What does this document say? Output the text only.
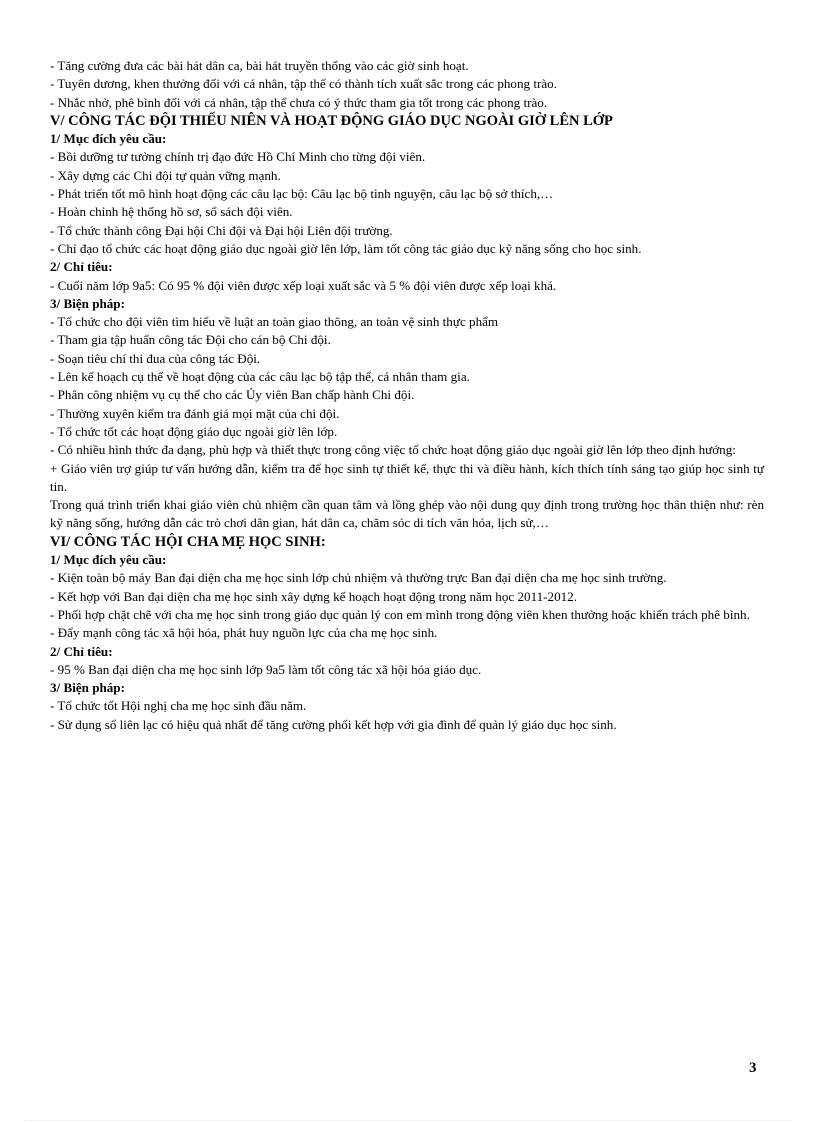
- Tăng cường đưa các bài hát dân ca, bài hát truyền thống vào các giờ sinh hoạt.
- Tuyên dương, khen thưởng đối với cá nhân, tập thể có thành tích xuất sắc trong các phong trào.
- Nhắc nhở, phê bình đối với cá nhân, tập thể chưa có ý thức tham gia tốt trong các phong trào.
V/ CÔNG TÁC ĐỘI THIẾU NIÊN VÀ HOẠT ĐỘNG GIÁO DỤC NGOÀI GIỜ LÊN LỚP
1/ Mục đích yêu cầu:
- Bồi dưỡng tư tưởng chính trị đạo đức Hồ Chí Minh cho từng đội viên.
- Xây dựng các Chi đội tự quản vững mạnh.
- Phát triển tốt mô hình hoạt động các câu lạc bộ: Câu lạc bộ tình nguyện, câu lạc bộ sở thích,…
- Hoàn chỉnh hệ thống hồ sơ, sổ sách đội viên.
- Tổ chức thành công Đại hội Chi đội và Đại hội Liên đội trường.
- Chỉ đạo tổ chức các hoạt động giáo dục ngoài giờ lên lớp, làm tốt công tác giáo dục kỹ năng sống cho học sinh.
2/ Chỉ tiêu:
- Cuối năm lớp 9a5: Có 95 % đội viên được xếp loại xuất sắc và 5 % đội viên được xếp loại khá.
3/ Biện pháp:
- Tổ chức cho đội viên tìm hiểu về luật an toàn giao thông, an toàn vệ sinh thực phẩm
- Tham gia tập huấn công tác Đội cho cán bộ Chi đội.
- Soạn tiêu chí thi đua của công tác Đội.
- Lên kế hoạch cụ thể về hoạt động của các câu lạc bộ tập thể, cá nhân tham gia.
- Phân công nhiệm vụ cụ thể cho các Ủy viên Ban chấp hành Chi đội.
- Thường xuyên kiểm tra đánh giá mọi mặt của chi đội.
- Tổ chức tốt các hoạt động giáo dục ngoài giờ lên lớp.
- Có nhiều hình thức đa dạng, phù hợp và thiết thực trong công việc tổ chức hoạt động giáo dục ngoài giờ lên lớp theo định hướng:
+ Giáo viên trợ giúp tư vấn hướng dẫn, kiểm tra để học sinh tự thiết kế, thực thi và điều hành, kích thích tính sáng tạo giúp học sinh tự tin.
Trong quá trình triển khai giáo viên chủ nhiệm cần quan tâm và lồng ghép vào nội dung quy định trong trường học thân thiện như: rèn kỹ năng sống, hướng dẫn các trò chơi dân gian, hát dân ca, chăm sóc di tích văn hóa, lịch sử,…
VI/ CÔNG TÁC HỘI CHA MẸ HỌC SINH:
1/ Mục đích yêu cầu:
- Kiện toàn bộ máy Ban đại diện cha mẹ học sinh lớp chủ nhiệm và thường trực Ban đại diện cha mẹ học sinh trường.
- Kết hợp với Ban đại diện cha mẹ học sinh xây dựng kế hoạch hoạt động trong năm học 2011-2012.
- Phối hợp chặt chẽ với cha mẹ học sinh trong giáo dục quản lý con em mình trong động viên khen thưởng hoặc khiển trách phê bình.
- Đẩy mạnh công tác xã hội hóa, phát huy nguồn lực của cha mẹ học sinh.
2/ Chỉ tiêu:
- 95 % Ban đại diện cha mẹ học sinh lớp 9a5 làm tốt công tác xã hội hóa giáo dục.
3/ Biện pháp:
- Tổ chức tốt Hội nghị cha mẹ học sinh đầu năm.
- Sử dụng sổ liên lạc có hiệu quả nhất để tăng cường phối kết hợp với gia đình để quản lý giáo dục học sinh.
3
